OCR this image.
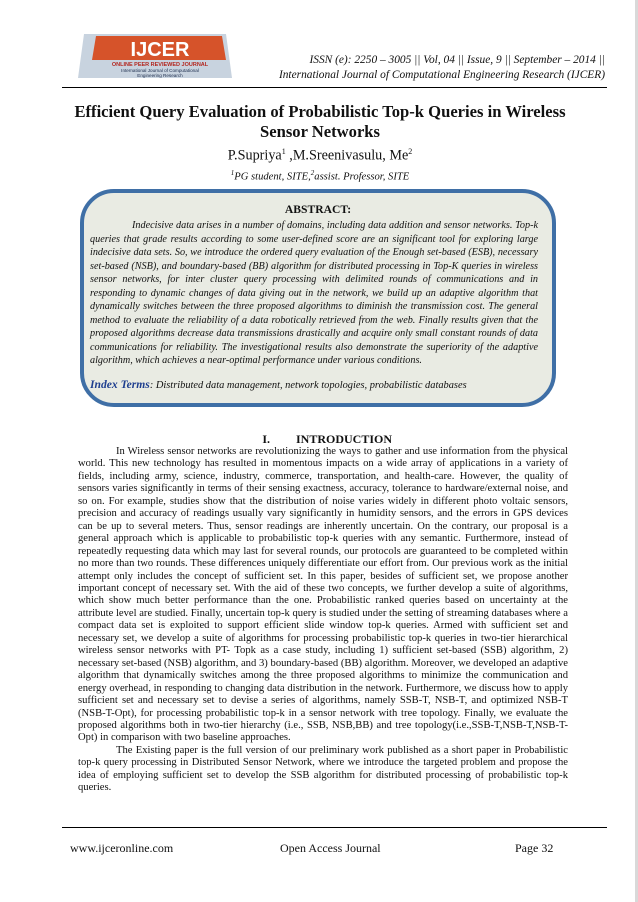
IJCER
ONLINE PEER REVIEWED JOURNAL
International Journal of Computational
Engineering Research
ISSN (e): 2250 – 3005 || Vol, 04 || Issue, 9 || September – 2014 ||
International Journal of Computational Engineering Research (IJCER)
Efficient Query Evaluation of Probabilistic Top-k Queries in Wireless Sensor Networks
P.Supriya$^1$ ,M.Sreenivasulu, Me$^2$
$^1$PG student, SITE,$^2$assist. Professor, SITE
ABSTRACT:
Indecisive data arises in a number of domains, including data addition and sensor networks. Top-k queries that grade results according to some user-defined score are an significant tool for exploring large indecisive data sets. So, we introduce the ordered query evaluation of the Enough set-based (ESB), necessary set-based (NSB), and boundary-based (BB) algorithm for distributed processing in Top-K queries in wireless sensor networks, for inter cluster query processing with delimited rounds of communications and in responding to dynamic changes of data giving out in the network, we build up an adaptive algorithm that dynamically switches between the three proposed algorithms to diminish the transmission cost. The general method to evaluate the reliability of a data robotically retrieved from the web. Finally results given that the proposed algorithms decrease data transmissions drastically and acquire only small constant rounds of data communications for reliability. The investigational results also demonstrate the superiority of the adaptive algorithm, which achieves a near-optimal performance under various conditions.
Index Terms: Distributed data management, network topologies, probabilistic databases
I. INTRODUCTION

In Wireless sensor networks are revolutionizing the ways to gather and use information from the physical world. This new technology has resulted in momentous impacts on a wide array of applications in a variety of fields, including army, science, industry, commerce, transportation, and health-care. However, the quality of sensors varies significantly in terms of their sensing exactness, accuracy, tolerance to hardware/external noise, and so on. For example, studies show that the distribution of noise varies widely in different photo voltaic sensors, precision and accuracy of readings usually vary significantly in humidity sensors, and the errors in GPS devices can be up to several meters. Thus, sensor readings are inherently uncertain. On the contrary, our proposal is a general approach which is applicable to probabilistic top-k queries with any semantic. Furthermore, instead of repeatedly requesting data which may last for several rounds, our protocols are guaranteed to be completed within no more than two rounds. These differences uniquely differentiate our effort from. Our previous work as the initial attempt only includes the concept of sufficient set. In this paper, besides of sufficient set, we propose another important concept of necessary set. With the aid of these two concepts, we further develop a suite of algorithms, which show much better performance than the one. Probabilistic ranked queries based on uncertainty at the attribute level are studied. Finally, uncertain top-k query is studied under the setting of streaming databases where a compact data set is exploited to support efficient slide window top-k queries. Armed with sufficient set and necessary set, we develop a suite of algorithms for processing probabilistic top-k queries in two-tier hierarchical wireless sensor networks with PT- Topk as a case study, including 1) sufficient set-based (SSB) algorithm, 2) necessary set-based (NSB) algorithm, and 3) boundary-based (BB) algorithm. Moreover, we developed an adaptive algorithm that dynamically switches among the three proposed algorithms to minimize the communication and energy overhead, in responding to changing data distribution in the network. Furthermore, we discuss how to apply sufficient set and necessary set to devise a series of algorithms, namely SSB-T, NSB-T, and optimized NSB-T (NSB-T-Opt), for processing probabilistic top-k in a sensor network with tree topology. Finally, we evaluate the proposed algorithms both in two-tier hierarchy (i.e., SSB, NSB,BB) and tree topology(i.e.,SSB-T,NSB-T,NSB-T-Opt) in comparison with two baseline approaches.

The Existing paper is the full version of our preliminary work published as a short paper in Probabilistic top-k query processing in Distributed Sensor Network, where we introduce the targeted problem and propose the idea of employing sufficient set to develop the SSB algorithm for distributed processing of probabilistic top-k queries.

www.ijceronline.com	Open Access Journal	Page 32
